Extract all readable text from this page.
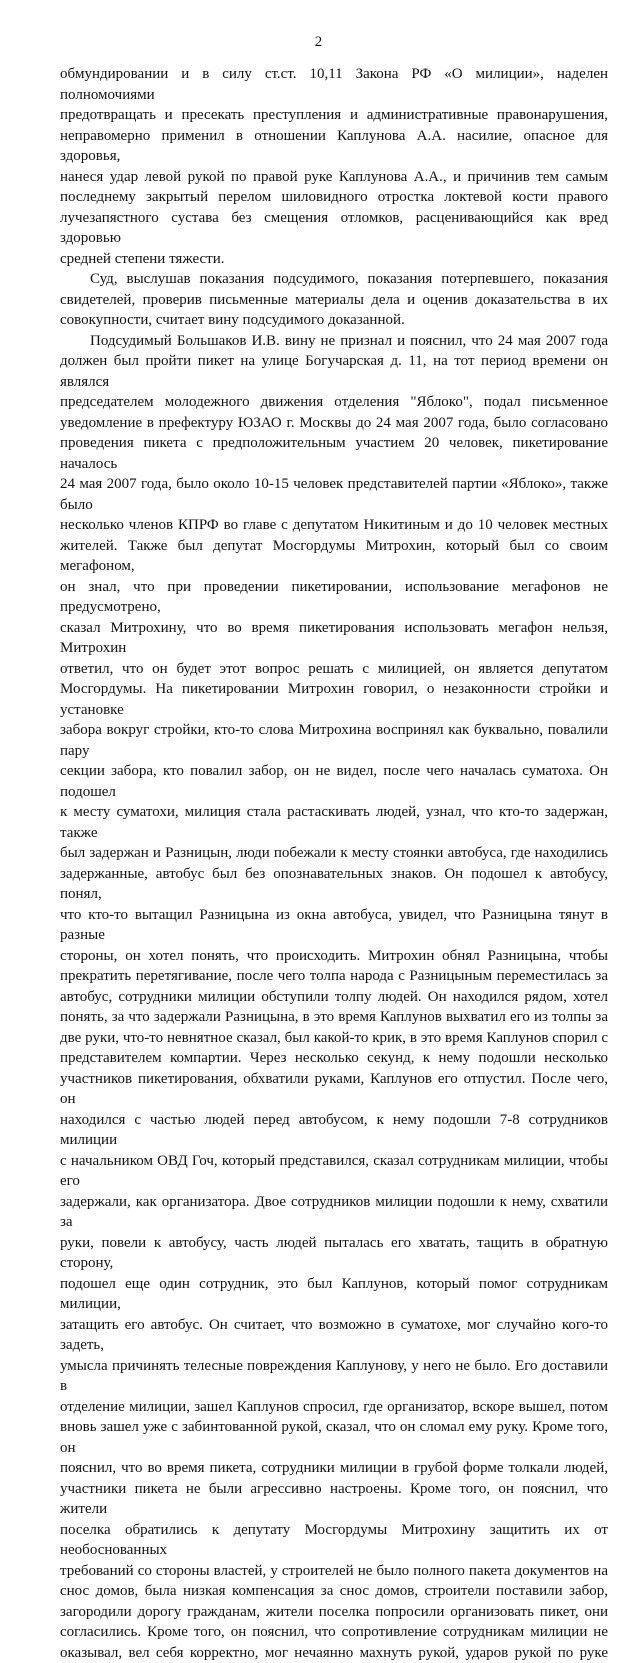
2

обмундировании и в силу ст.ст. 10,11 Закона РФ «О милиции», наделен полномочиями

предотвращать и пресекать преступления и административные правонарушения,

неправомерно применил в отношении Каплунова А.А. насилие, опасное для здоровья,

нанеся удар левой рукой по правой руке Каплунова А.А., и причинив тем самым

последнему закрытый перелом шиловидного отростка локтевой кости правого

лучезапястного сустава без смещения отломков, расценивающийся как вред здоровью

средней степени тяжести.

Суд, выслушав показания подсудимого, показания потерпевшего, показания

свидетелей, проверив письменные материалы дела и оценив доказательства в их

совокупности, считает вину подсудимого доказанной.

Подсудимый Большаков И.В. вину не признал и пояснил, что 24 мая 2007 года

должен был пройти пикет на улице Богучарская д. 11, на тот период времени он являлся

председателем молодежного движения отделения "Яблоко", подал письменное

уведомление в префектуру ЮЗАО г. Москвы до 24 мая 2007 года, было согласовано

проведения пикета с предположительным участием 20 человек, пикетирование началось

24 мая 2007 года, было около 10-15 человек представителей партии «Яблоко», также было

несколько членов КПРФ во главе с депутатом Никитиным и до 10 человек местных

жителей. Также был депутат Мосгордумы Митрохин, который был со своим мегафоном,

он знал, что при проведении пикетировании, использование мегафонов не предусмотрено,

сказал Митрохину, что во время пикетирования использовать мегафон нельзя, Митрохин

ответил, что он будет этот вопрос решать с милицией, он является депутатом

Мосгордумы. На пикетировании Митрохин говорил, о незаконности стройки и установке

забора вокруг стройки, кто-то слова Митрохина воспринял как буквально, повалили пару

секции забора, кто повалил забор, он не видел, после чего началась суматоха. Он подошел

к месту суматохи, милиция стала растаскивать людей, узнал, что кто-то задержан, также

был задержан и Разницын, люди побежали к месту стоянки автобуса, где находились

задержанные, автобус был без опознавательных знаков. Он подошел к автобусу, понял,

что кто-то вытащил Разницына из окна автобуса, увидел, что Разницына тянут в разные

стороны, он хотел понять, что происходить. Митрохин обнял Разницына, чтобы

прекратить перетягивание, после чего толпа народа с Разницыным переместилась за

автобус, сотрудники милиции обступили толпу людей. Он находился рядом, хотел

понять, за что задержали Разницына, в это время Каплунов выхватил его из толпы за

две руки, что-то невнятное сказал, был какой-то крик, в это время Каплунов спорил с

представителем компартии. Через несколько секунд, к нему подошли несколько

участников пикетирования, обхватили руками, Каплунов его отпустил. После чего, он

находился с частью людей перед автобусом, к нему подошли 7-8 сотрудников милиции

с начальником ОВД Гоч, который представился, сказал сотрудникам милиции, чтобы его

задержали, как организатора. Двое сотрудников милиции подошли к нему, схватили за

руки, повели к автобусу, часть людей пыталась его хватать, тащить в обратную сторону,

подошел еще один сотрудник, это был Каплунов, который помог сотрудникам милиции,

затащить его автобус. Он считает, что возможно в суматохе, мог случайно кого-то задеть,

умысла причинять телесные повреждения Каплунову, у него не было. Его доставили в

отделение милиции, зашел Каплунов спросил, где организатор, вскоре вышел, потом

вновь зашел уже с забинтованной рукой, сказал, что он сломал ему руку. Кроме того, он

пояснил, что во время пикета, сотрудники милиции в грубой форме толкали людей,

участники пикета не были агрессивно настроены. Кроме того, он пояснил, что жители

поселка обратились к депутату Мосгордумы Митрохину защитить их от необоснованных

требований со стороны властей, у строителей не было полного пакета документов на

снос домов, была низкая компенсация за снос домов, строители поставили забор,

загородили дорогу гражданам, жители поселка попросили организовать пикет, они

согласились. Кроме того, он пояснил, что сопротивление сотрудникам милиции не

оказывал, вел себя корректно, мог нечаянно махнуть рукой, ударов рукой по руке
